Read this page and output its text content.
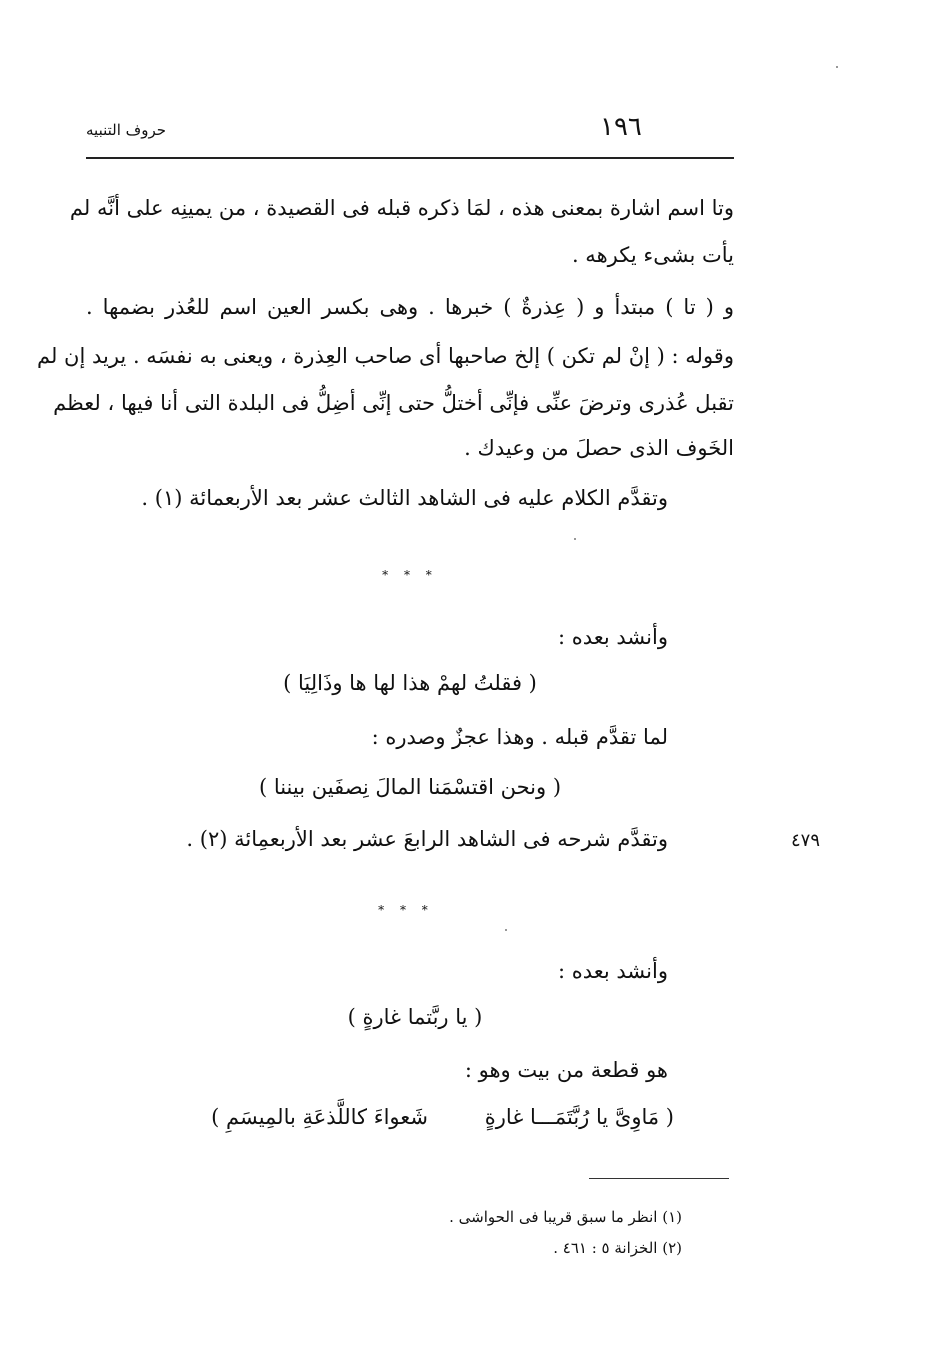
١٩٦
حروف التنبيه
وتا اسم اشارة بمعنى هذه ، لمَا ذكره قبله فى القصيدة ، من يمينِه على أنَّه لم
يأت بشىء يكرهه .
و ( تا ) مبتدأ و ( عِذرةٌ ) خبرها . وهى بكسر العين اسم للعُذر بضمها .
وقوله : ( إنْ لم تكن ) إلخ صاحبها أى صاحب العِذرة ، ويعنى به نفسَه . يريد إن لم
تقبل عُذرى وترضَ عنِّى فإنِّى أختلُّ حتى إنِّى أضِلُّ فى البلدة التى أنا فيها ، لعظم
الخَوف الذى حصلَ من وعيدك .
وتقدَّم الكلام عليه فى الشاهد الثالث عشر بعد الأربعمائة (١) .
* * *
وأنشد بعده :
( فقلتُ لهمْ هذا لها ها وذَالِيَا )
لما تقدَّم قبله . وهذا عجزٌ وصدره :
( ونحن اقتسْمَنا المالَ نِصفَين بيننا )
وتقدَّم شرحه فى الشاهد الرابعَ عشر بعد الأربعمِائة (٢) .	٤٧٩
* * *
وأنشد بعده :
( يا ربَّتما غارةٍ )
هو قطعة من بيت وهو :
( مَاوِىَّ يا رُبَّتَمَـــا غارةٍ
شَعواءَ كاللَّذعَةِ بالمِيسَمِ )
(١) انظر ما سبق قريبا فى الحواشى .
(٢) الخزانة ٥ : ٤٦١ .
